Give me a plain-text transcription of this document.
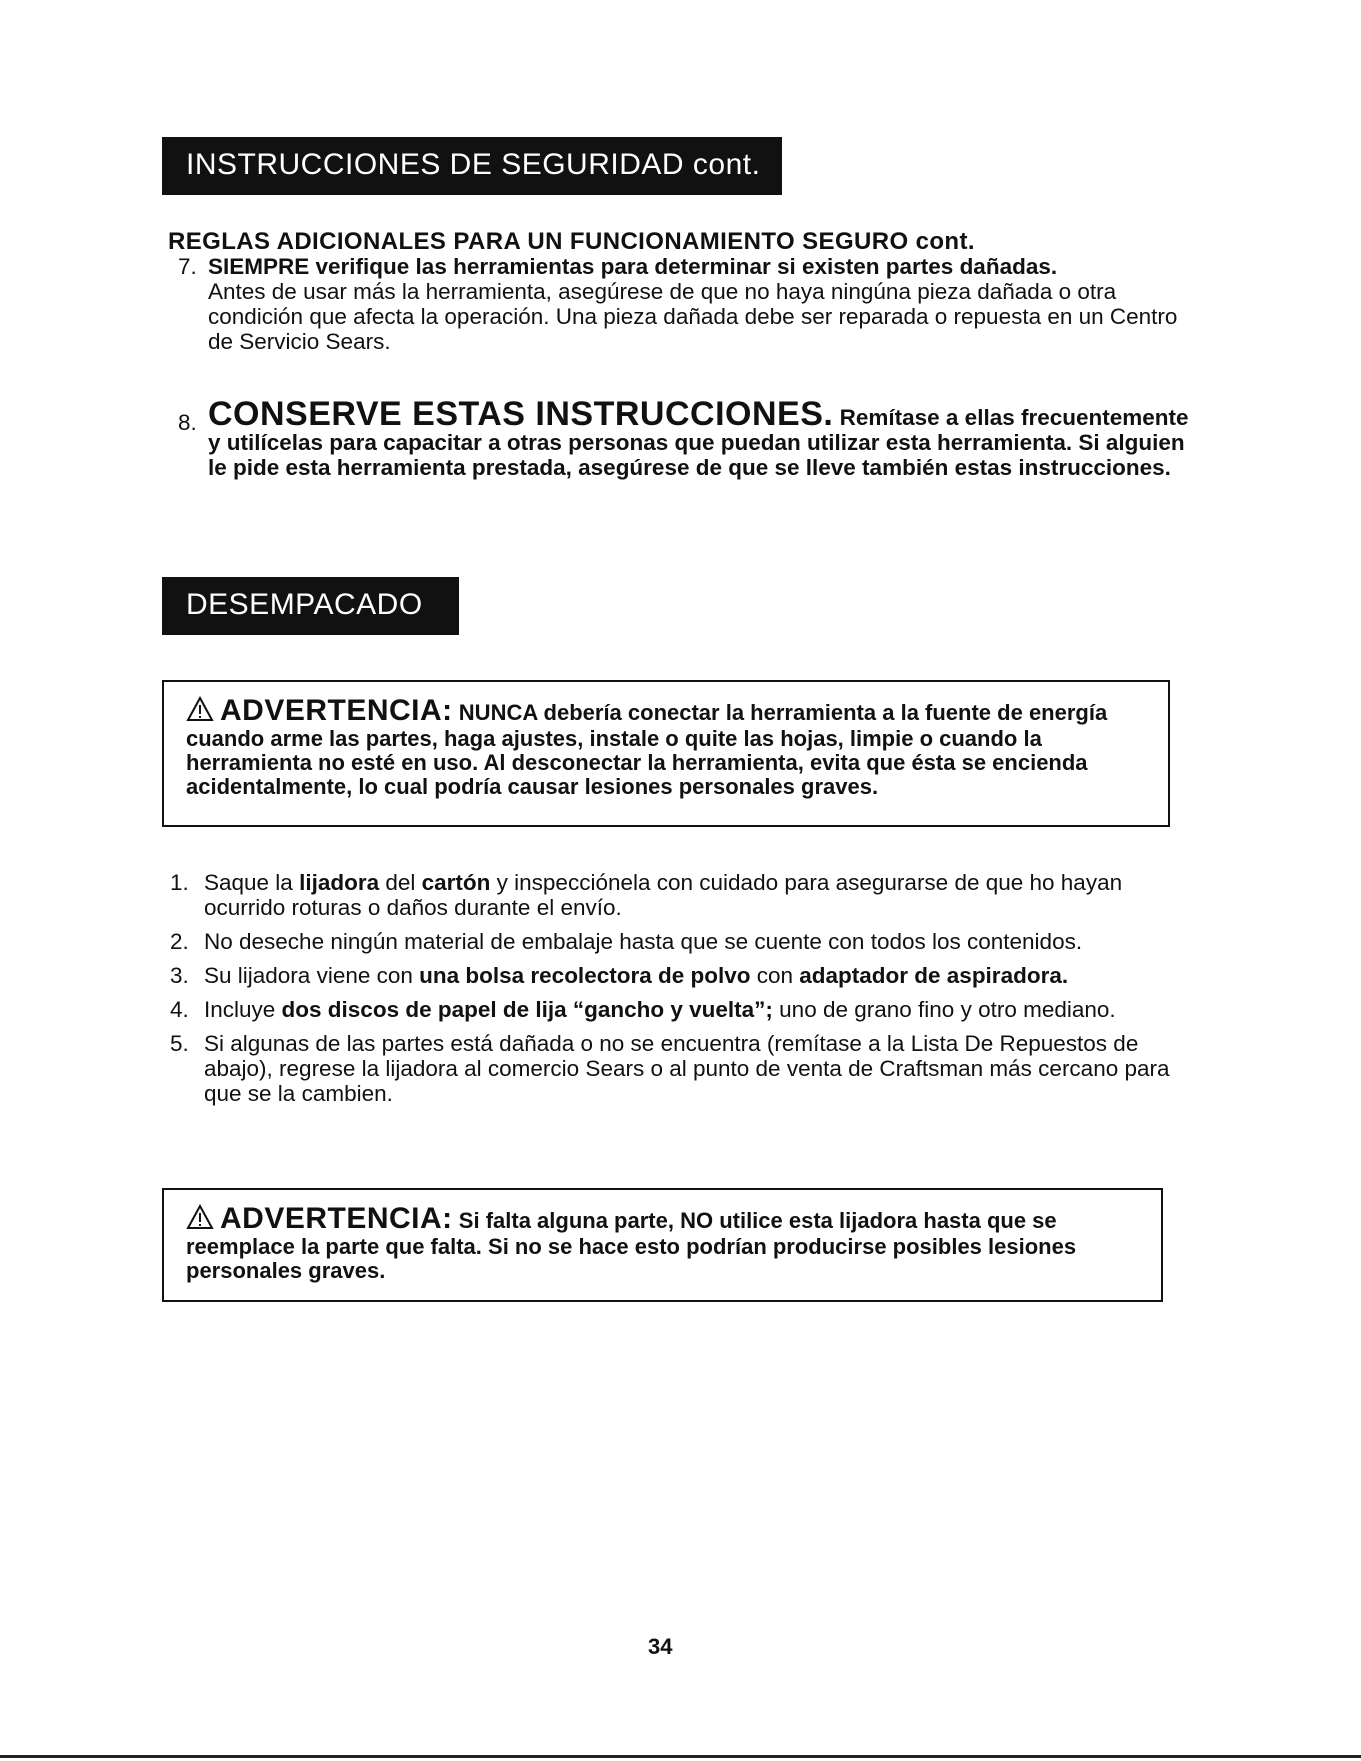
INSTRUCCIONES DE SEGURIDAD cont.
REGLAS ADICIONALES PARA UN FUNCIONAMIENTO SEGURO cont.
7. SIEMPRE verifique las herramientas para determinar si existen partes dañadas.
Antes de usar más la herramienta, asegúrese de que no haya ningúna pieza dañada o otra condición que afecta la operación. Una pieza dañada debe ser reparada o repuesta en un Centro de Servicio Sears.
8. CONSERVE ESTAS INSTRUCCIONES. Remítase a ellas frecuentemente y utilícelas para capacitar a otras personas que puedan utilizar esta herramienta. Si alguien le pide esta herramienta prestada, asegúrese de que se lleve también estas instrucciones.
DESEMPACADO
ADVERTENCIA: NUNCA debería conectar la herramienta a la fuente de energía cuando arme las partes, haga ajustes, instale o quite las hojas, limpie o cuando la herramienta no esté en uso. Al desconectar la herramienta, evita que ésta se encienda acidentalmente, lo cual podría causar lesiones personales graves.
1. Saque la lijadora del cartón y inspecciónela con cuidado para asegurarse de que ho hayan ocurrido roturas o daños durante el envío.
2. No deseche ningún material de embalaje hasta que se cuente con todos los contenidos.
3. Su lijadora viene con una bolsa recolectora de polvo con adaptador de aspiradora.
4. Incluye dos discos de papel de lija “gancho y vuelta”; uno de grano fino y otro mediano.
5. Si algunas de las partes está dañada o no se encuentra (remítase a la Lista De Repuestos de abajo), regrese la lijadora al comercio Sears o al punto de venta de Craftsman más cercano para que se la cambien.
ADVERTENCIA: Si falta alguna parte, NO utilice esta lijadora hasta que se reemplace la parte que falta. Si no se hace esto podrían producirse posibles lesiones personales graves.
34
